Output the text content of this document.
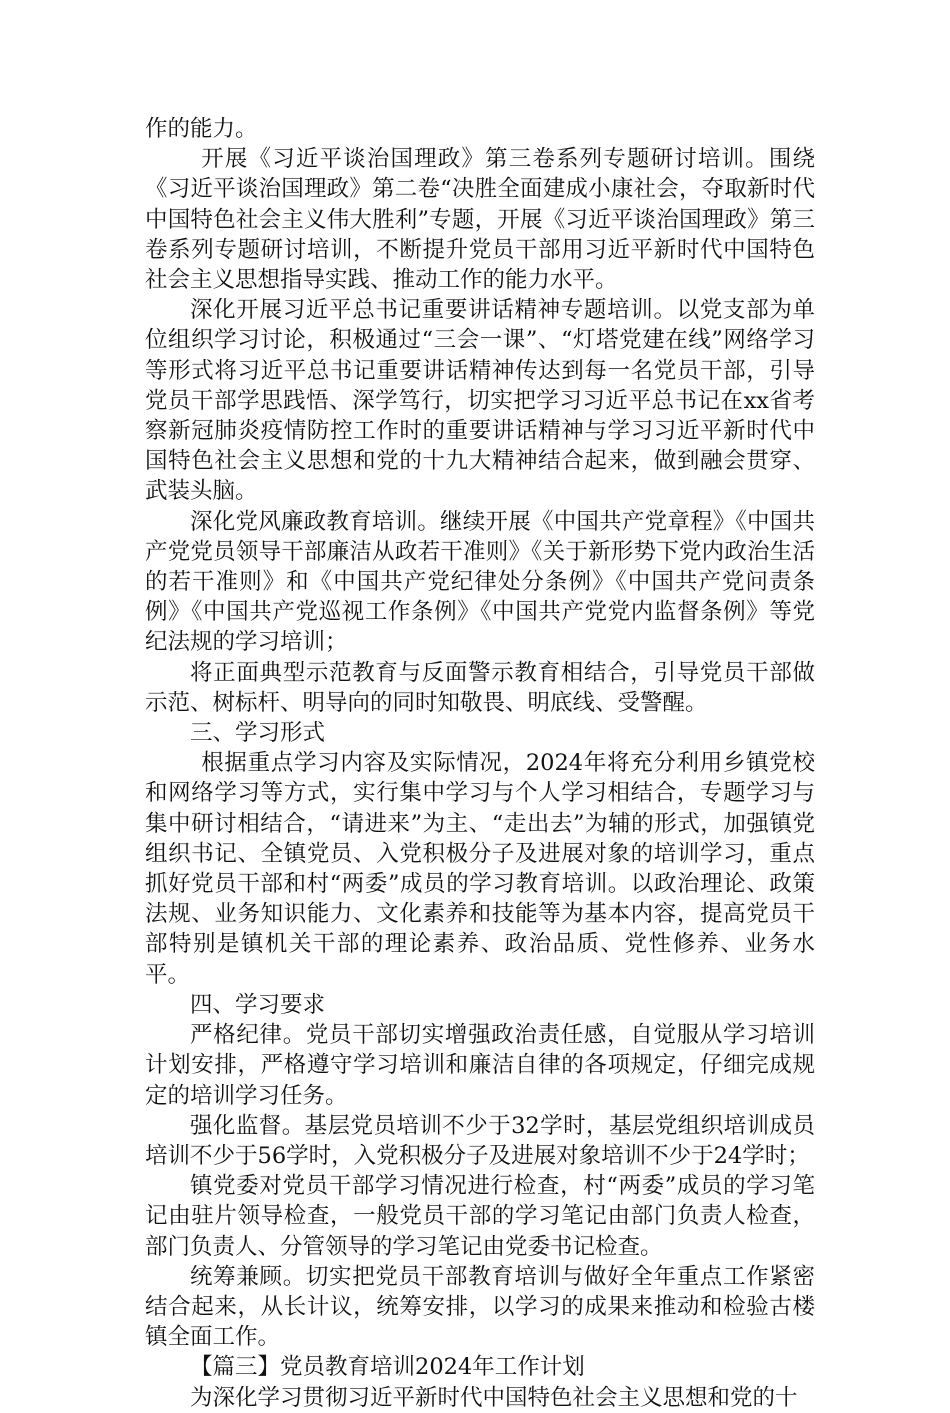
作的能力。

开展《习近平谈治国理政》第三卷系列专题研讨培训。围绕《习近平谈治国理政》第二卷“决胜全面建成小康社会，夺取新时代中国特色社会主义伟大胜利”专题，开展《习近平谈治国理政》第三卷系列专题研讨培训，不断提升党员干部用习近平新时代中国特色社会主义思想指导实践、推动工作的能力水平。

深化开展习近平总书记重要讲话精神专题培训。以党支部为单位组织学习讨论，积极通过“三会一课”、“灯塔党建在线”网络学习等形式将习近平总书记重要讲话精神传达到每一名党员干部，引导党员干部学思践悟、深学笃行，切实把学习习近平总书记在xx省考察新冠肺炎疫情防控工作时的重要讲话精神与学习习近平新时代中国特色社会主义思想和党的十九大精神结合起来，做到融会贯穿、武装头脑。

深化党风廉政教育培训。继续开展《中国共产党章程》《中国共产党党员领导干部廉洁从政若干准则》《关于新形势下党内政治生活的若干准则》和《中国共产党纪律处分条例》《中国共产党问责条例》《中国共产党巡视工作条例》《中国共产党党内监督条例》等党纪法规的学习培训；

将正面典型示范教育与反面警示教育相结合，引导党员干部做示范、树标杆、明导向的同时知敬畏、明底线、受警醒。

三、学习形式

根据重点学习内容及实际情况，2024年将充分利用乡镇党校和网络学习等方式，实行集中学习与个人学习相结合，专题学习与集中研讨相结合，“请进来”为主、“走出去”为辅的形式，加强镇党组织书记、全镇党员、入党积极分子及进展对象的培训学习，重点抓好党员干部和村“两委”成员的学习教育培训。以政治理论、政策法规、业务知识能力、文化素养和技能等为基本内容，提高党员干部特别是镇机关干部的理论素养、政治品质、党性修养、业务水平。

四、学习要求

严格纪律。党员干部切实增强政治责任感，自觉服从学习培训计划安排，严格遵守学习培训和廉洁自律的各项规定，仔细完成规定的培训学习任务。

强化监督。基层党员培训不少于32学时，基层党组织培训成员培训不少于56学时，入党积极分子及进展对象培训不少于24学时；

镇党委对党员干部学习情况进行检查，村“两委”成员的学习笔记由驻片领导检查，一般党员干部的学习笔记由部门负责人检查，部门负责人、分管领导的学习笔记由党委书记检查。

统筹兼顾。切实把党员干部教育培训与做好全年重点工作紧密结合起来，从长计议，统筹安排，以学习的成果来推动和检验古楼镇全面工作。

【篇三】党员教育培训2024年工作计划

为深化学习贯彻习近平新时代中国特色社会主义思想和党的十
